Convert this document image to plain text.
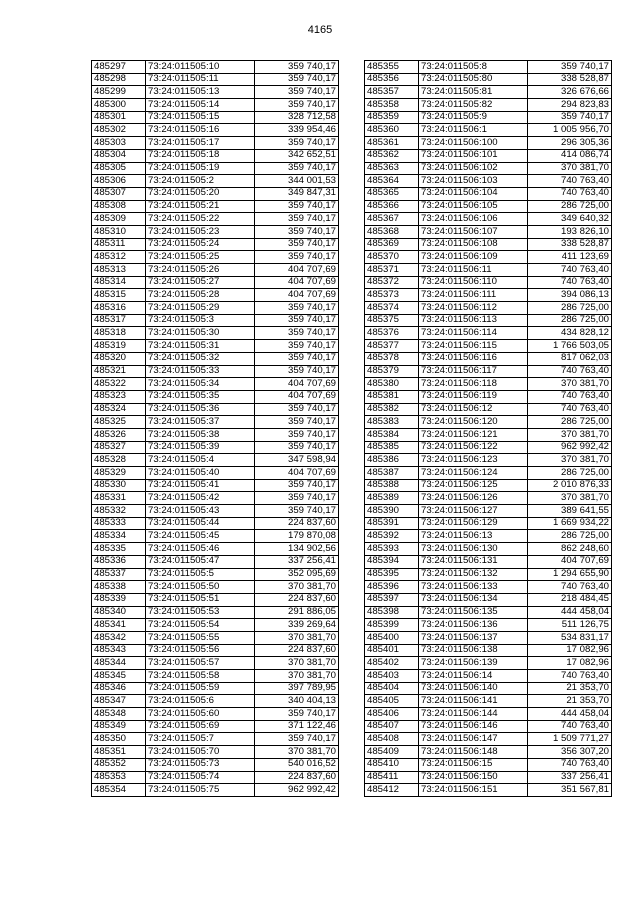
4165
485297	73:24:011505:10	359 740,17
485298	73:24:011505:11	359 740,17
485299	73:24:011505:13	359 740,17
485300	73:24:011505:14	359 740,17
485301	73:24:011505:15	328 712,58
485302	73:24:011505:16	339 954,46
485303	73:24:011505:17	359 740,17
485304	73:24:011505:18	342 652,51
485305	73:24:011505:19	359 740,17
485306	73:24:011505:2	344 001,53
485307	73:24:011505:20	349 847,31
485308	73:24:011505:21	359 740,17
485309	73:24:011505:22	359 740,17
485310	73:24:011505:23	359 740,17
485311	73:24:011505:24	359 740,17
485312	73:24:011505:25	359 740,17
485313	73:24:011505:26	404 707,69
485314	73:24:011505:27	404 707,69
485315	73:24:011505:28	404 707,69
485316	73:24:011505:29	359 740,17
485317	73:24:011505:3	359 740,17
485318	73:24:011505:30	359 740,17
485319	73:24:011505:31	359 740,17
485320	73:24:011505:32	359 740,17
485321	73:24:011505:33	359 740,17
485322	73:24:011505:34	404 707,69
485323	73:24:011505:35	404 707,69
485324	73:24:011505:36	359 740,17
485325	73:24:011505:37	359 740,17
485326	73:24:011505:38	359 740,17
485327	73:24:011505:39	359 740,17
485328	73:24:011505:4	347 598,94
485329	73:24:011505:40	404 707,69
485330	73:24:011505:41	359 740,17
485331	73:24:011505:42	359 740,17
485332	73:24:011505:43	359 740,17
485333	73:24:011505:44	224 837,60
485334	73:24:011505:45	179 870,08
485335	73:24:011505:46	134 902,56
485336	73:24:011505:47	337 256,41
485337	73:24:011505:5	352 095,69
485338	73:24:011505:50	370 381,70
485339	73:24:011505:51	224 837,60
485340	73:24:011505:53	291 886,05
485341	73:24:011505:54	339 269,64
485342	73:24:011505:55	370 381,70
485343	73:24:011505:56	224 837,60
485344	73:24:011505:57	370 381,70
485345	73:24:011505:58	370 381,70
485346	73:24:011505:59	397 789,95
485347	73:24:011505:6	340 404,13
485348	73:24:011505:60	359 740,17
485349	73:24:011505:69	371 122,46
485350	73:24:011505:7	359 740,17
485351	73:24:011505:70	370 381,70
485352	73:24:011505:73	540 016,52
485353	73:24:011505:74	224 837,60
485354	73:24:011505:75	962 992,42
485355	73:24:011505:8	359 740,17
485356	73:24:011505:80	338 528,87
485357	73:24:011505:81	326 676,66
485358	73:24:011505:82	294 823,83
485359	73:24:011505:9	359 740,17
485360	73:24:011506:1	1 005 956,70
485361	73:24:011506:100	296 305,36
485362	73:24:011506:101	414 086,74
485363	73:24:011506:102	370 381,70
485364	73:24:011506:103	740 763,40
485365	73:24:011506:104	740 763,40
485366	73:24:011506:105	286 725,00
485367	73:24:011506:106	349 640,32
485368	73:24:011506:107	193 826,10
485369	73:24:011506:108	338 528,87
485370	73:24:011506:109	411 123,69
485371	73:24:011506:11	740 763,40
485372	73:24:011506:110	740 763,40
485373	73:24:011506:111	394 086,13
485374	73:24:011506:112	286 725,00
485375	73:24:011506:113	286 725,00
485376	73:24:011506:114	434 828,12
485377	73:24:011506:115	1 766 503,05
485378	73:24:011506:116	817 062,03
485379	73:24:011506:117	740 763,40
485380	73:24:011506:118	370 381,70
485381	73:24:011506:119	740 763,40
485382	73:24:011506:12	740 763,40
485383	73:24:011506:120	286 725,00
485384	73:24:011506:121	370 381,70
485385	73:24:011506:122	962 992,42
485386	73:24:011506:123	370 381,70
485387	73:24:011506:124	286 725,00
485388	73:24:011506:125	2 010 876,33
485389	73:24:011506:126	370 381,70
485390	73:24:011506:127	389 641,55
485391	73:24:011506:129	1 669 934,22
485392	73:24:011506:13	286 725,00
485393	73:24:011506:130	862 248,60
485394	73:24:011506:131	404 707,69
485395	73:24:011506:132	1 294 655,90
485396	73:24:011506:133	740 763,40
485397	73:24:011506:134	218 484,45
485398	73:24:011506:135	444 458,04
485399	73:24:011506:136	511 126,75
485400	73:24:011506:137	534 831,17
485401	73:24:011506:138	17 082,96
485402	73:24:011506:139	17 082,96
485403	73:24:011506:14	740 763,40
485404	73:24:011506:140	21 353,70
485405	73:24:011506:141	21 353,70
485406	73:24:011506:144	444 458,04
485407	73:24:011506:146	740 763,40
485408	73:24:011506:147	1 509 771,27
485409	73:24:011506:148	356 307,20
485410	73:24:011506:15	740 763,40
485411	73:24:011506:150	337 256,41
485412	73:24:011506:151	351 567,81
